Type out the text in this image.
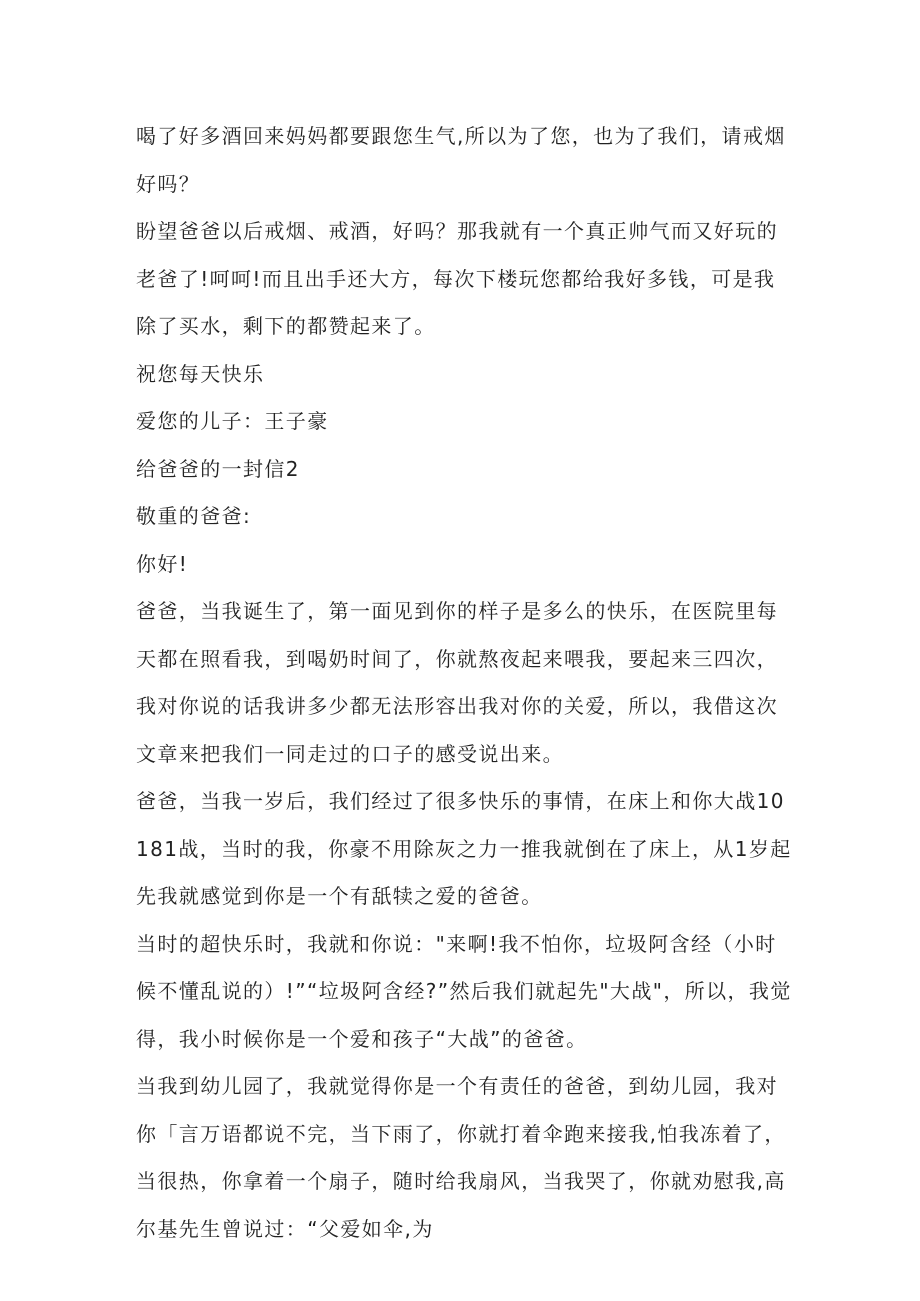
喝了好多酒回来妈妈都要跟您生气,所以为了您，也为了我们，请戒烟好吗？

盼望爸爸以后戒烟、戒酒，好吗？那我就有一个真正帅气而又好玩的老爸了!呵呵!而且出手还大方，每次下楼玩您都给我好多钱，可是我除了买水，剩下的都赞起来了。

祝您每天快乐

爱您的儿子：王子豪

给爸爸的一封信2

敬重的爸爸:

你好!

爸爸，当我诞生了，第一面见到你的样子是多么的快乐，在医院里每天都在照看我，到喝奶时间了，你就熬夜起来喂我，要起来三四次，我对你说的话我讲多少都无法形容出我对你的关爱，所以，我借这次文章来把我们一同走过的口子的感受说出来。

爸爸，当我一岁后，我们经过了很多快乐的事情，在床上和你大战10181战，当时的我，你豪不用除灰之力一推我就倒在了床上，从1岁起先我就感觉到你是一个有舐犊之爱的爸爸。

当时的超快乐时，我就和你说："来啊!我不怕你，垃圾阿含经（小时候不懂乱说的）!”“垃圾阿含经?”然后我们就起先"大战"，所以，我觉得，我小时候你是一个爱和孩子“大战”的爸爸。

当我到幼儿园了，我就觉得你是一个有责任的爸爸，到幼儿园，我对你「言万语都说不完，当下雨了，你就打着伞跑来接我,怕我冻着了，当很热，你拿着一个扇子，随时给我扇风，当我哭了，你就劝慰我,高尔基先生曾说过：“父爱如伞,为
